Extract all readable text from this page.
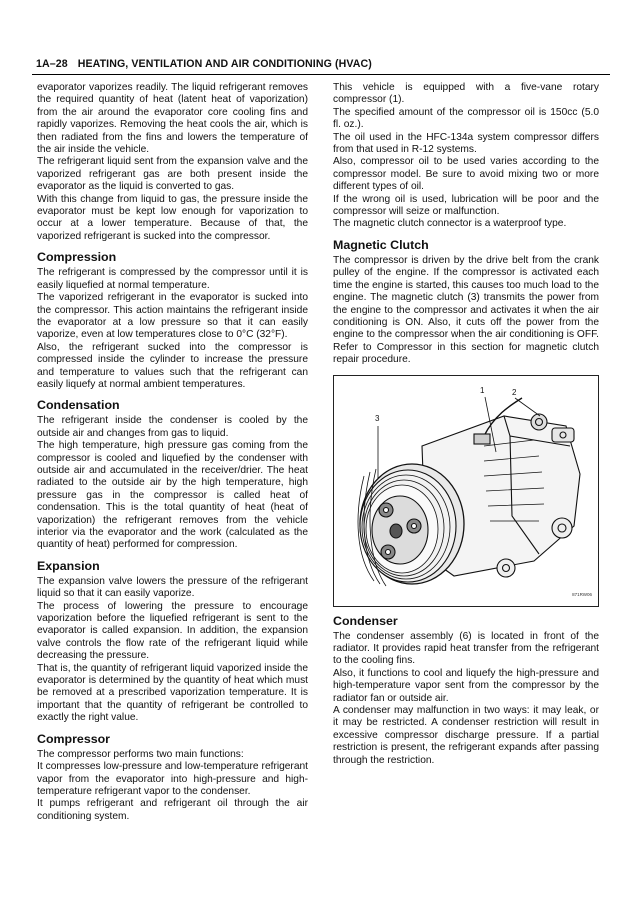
1A–28 HEATING, VENTILATION AND AIR CONDITIONING (HVAC)

evaporator vaporizes readily. The liquid refrigerant removes the required quantity of heat (latent heat of vaporization) from the air around the evaporator core cooling fins and rapidly vaporizes. Removing the heat cools the air, which is then radiated from the fins and lowers the temperature of the air inside the vehicle.

The refrigerant liquid sent from the expansion valve and the vaporized refrigerant gas are both present inside the evaporator as the liquid is converted to gas.

With this change from liquid to gas, the pressure inside the evaporator must be kept low enough for vaporization to occur at a lower temperature. Because of that, the vaporized refrigerant is sucked into the compressor.

Compression

The refrigerant is compressed by the compressor until it is easily liquefied at normal temperature.

The vaporized refrigerant in the evaporator is sucked into the compressor. This action maintains the refrigerant inside the evaporator at a low pressure so that it can easily vaporize, even at low temperatures close to 0°C (32°F).

Also, the refrigerant sucked into the compressor is compressed inside the cylinder to increase the pressure and temperature to values such that the refrigerant can easily liquefy at normal ambient temperatures.

Condensation

The refrigerant inside the condenser is cooled by the outside air and changes from gas to liquid.

The high temperature, high pressure gas coming from the compressor is cooled and liquefied by the condenser with outside air and accumulated in the receiver/drier. The heat radiated to the outside air by the high temperature, high pressure gas in the compressor is called heat of condensation. This is the total quantity of heat (heat of vaporization) the refrigerant removes from the vehicle interior via the evaporator and the work (calculated as the quantity of heat) performed for compression.

Expansion

The expansion valve lowers the pressure of the refrigerant liquid so that it can easily vaporize.

The process of lowering the pressure to encourage vaporization before the liquefied refrigerant is sent to the evaporator is called expansion. In addition, the expansion valve controls the flow rate of the refrigerant liquid while decreasing the pressure.

That is, the quantity of refrigerant liquid vaporized inside the evaporator is determined by the quantity of heat which must be removed at a prescribed vaporization temperature. It is important that the quantity of refrigerant be controlled to exactly the right value.

Compressor

The compressor performs two main functions:

It compresses low-pressure and low-temperature refrigerant vapor from the evaporator into high-pressure and high-temperature refrigerant vapor to the condenser.

It pumps refrigerant and refrigerant oil through the air conditioning system.

This vehicle is equipped with a five-vane rotary compressor (1).

The specified amount of the compressor oil is 150cc (5.0 fl. oz.).

The oil used in the HFC-134a system compressor differs from that used in R-12 systems.

Also, compressor oil to be used varies according to the compressor model. Be sure to avoid mixing two or more different types of oil.

If the wrong oil is used, lubrication will be poor and the compressor will seize or malfunction.

The magnetic clutch connector is a waterproof type.

Magnetic Clutch

The compressor is driven by the drive belt from the crank pulley of the engine. If the compressor is activated each time the engine is started, this causes too much load to the engine. The magnetic clutch (3) transmits the power from the engine to the compressor and activates it when the air conditioning is ON. Also, it cuts off the power from the engine to the compressor when the air conditioning is OFF. Refer to Compressor in this section for magnetic clutch repair procedure.

1	2
3
871RW06
Condenser

The condenser assembly (6) is located in front of the radiator. It provides rapid heat transfer from the refrigerant to the cooling fins.

Also, it functions to cool and liquefy the high-pressure and high-temperature vapor sent from the compressor by the radiator fan or outside air.

A condenser may malfunction in two ways: it may leak, or it may be restricted. A condenser restriction will result in excessive compressor discharge pressure. If a partial restriction is present, the refrigerant expands after passing through the restriction.
